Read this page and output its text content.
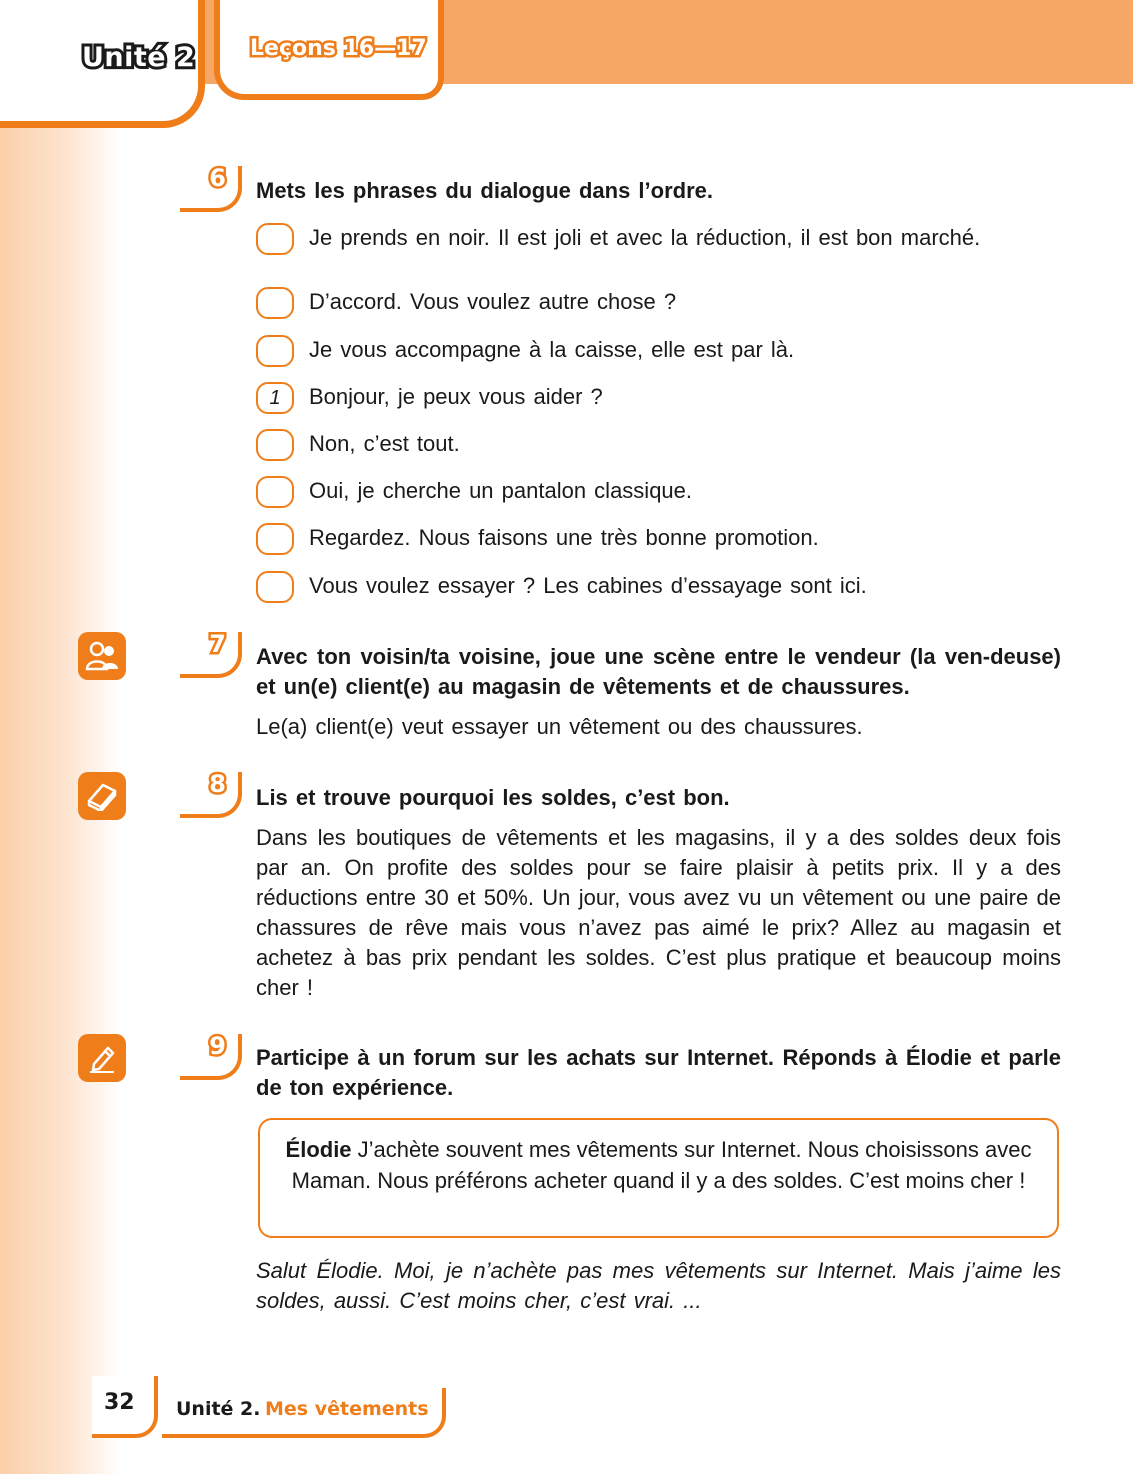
Unité 2 Leçons 16—17
6 Mets les phrases du dialogue dans l’ordre.
Je prends en noir. Il est joli et avec la réduction, il est bon marché.
D’accord. Vous voulez autre chose ?
Je vous accompagne à la caisse, elle est par là.
1	Bonjour, je peux vous aider ?
Non, c’est tout.
Oui, je cherche un pantalon classique.
Regardez. Nous faisons une très bonne promotion.
Vous voulez essayer ? Les cabines d’essayage sont ici.
7 Avec ton voisin/ta voisine, joue une scène entre le vendeur (la ven-deuse) et un(e) client(e) au magasin de vêtements et de chaussures.
Le(a) client(e) veut essayer un vêtement ou des chaussures.
8 Lis et trouve pourquoi les soldes, c’est bon.
Dans les boutiques de vêtements et les magasins, il y a des soldes deux fois par an. On profite des soldes pour se faire plaisir à petits prix. Il y a des réductions entre 30 et 50%. Un jour, vous avez vu un vêtement ou une paire de chassures de rêve mais vous n’avez pas aimé le prix? Allez au magasin et achetez à bas prix pendant les soldes. C’est plus pratique et beaucoup moins cher !
9 Participe à un forum sur les achats sur Internet. Réponds à Élodie et parle de ton expérience.
Élodie J’achète souvent mes vêtements sur Internet. Nous choisissons avec Maman. Nous préférons acheter quand il y a des soldes. C’est moins cher !
Salut Élodie. Moi, je n’achète pas mes vêtements sur Internet. Mais j’aime les soldes, aussi. C’est moins cher, c’est vrai. ...
32 Unité 2. Mes vêtements
